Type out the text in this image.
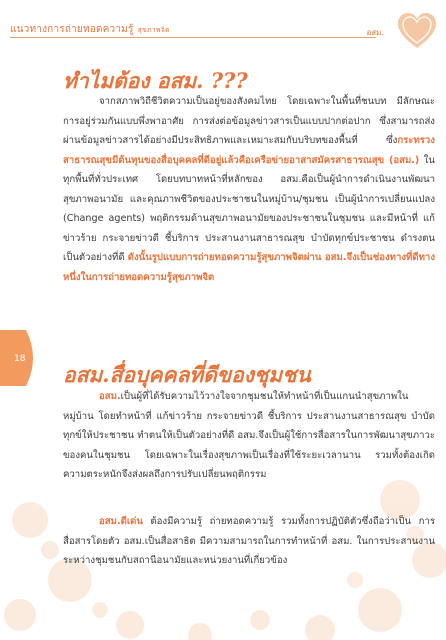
แนวทางการถ่ายทอดความรู้ สุขภาพจิต	อสม.
18
ทำไมต้อง อสม. ???

จากสภาพวิถีชีวิตความเป็นอยู่ของสังคมไทย โดยเฉพาะในพื้นที่ชนบท มีลักษณะการอยู่ร่วมกันแบบพึ่งพาอาศัย การส่งต่อข้อมูลข่าวสารเป็นแบบปากต่อปาก ซึ่งสามารถส่งผ่านข้อมูลข่าวสารได้อย่างมีประสิทธิภาพและเหมาะสมกับบริบทของพื้นที่ ซึ่งกระทรวงสาธารณสุขมีต้นทุนของสื่อบุคคลที่ดีอยู่แล้วคือเครือข่ายอาสาสมัครสาธารณสุข (อสม.) ในทุกพื้นที่ทั่วประเทศ โดยบทบาทหน้าที่หลักของ อสม.คือเป็นผู้นำการดำเนินงานพัฒนาสุขภาพอนามัย และคุณภาพชีวิตของประชาชนในหมู่บ้าน/ชุมชน เป็นผู้นำการเปลี่ยนแปลง (Change agents) พฤติกรรมด้านสุขภาพอนามัยของประชาชนในชุมชน และมีหน้าที่ แก้ข่าวร้าย กระจายข่าวดี ชี้บริการ ประสานงานสาธารณสุข บำบัดทุกข์ประชาชน ดำรงตนเป็นตัวอย่างที่ดี ดังนั้นรูปแบบการถ่ายทอดความรู้สุขภาพจิตผ่าน อสม.จึงเป็นช่องทางที่ดีทางหนึ่งในการถ่ายทอดความรู้สุขภาพจิต

อสม.สื่อบุคคลที่ดีของชุมชน

อสม.เป็นผู้ที่ได้รับความไว้วางใจจากชุมชนให้ทำหน้าที่เป็นแกนนำสุขภาพในหมู่บ้าน โดยทำหน้าที่ แก้ข่าวร้าย กระจายข่าวดี ชี้บริการ ประสานงานสาธารณสุข บำบัดทุกข์ให้ประชาชน ทำตนให้เป็นตัวอย่างที่ดี อสม.จึงเป็นผู้ใช้การสื่อสารในการพัฒนาสุขภาวะของคนในชุมชน โดยเฉพาะในเรื่องสุขภาพเป็นเรื่องที่ใช้ระยะเวลานาน รวมทั้งต้องเกิดความตระหนักจึงส่งผลถึงการปรับเปลี่ยนพฤติกรรม

อสม.ดีเด่น ต้องมีความรู้ ถ่ายทอดความรู้ รวมทั้งการปฏิบัติตัวซึ่งถือว่าเป็น การสื่อสารโดยตัว อสม.เป็นสื่อสาธิต มีความสามารถในการทำหน้าที่ อสม. ในการประสานงานระหว่างชุมชนกับสถานีอนามัยและหน่วยงานที่เกี่ยวข้อง
